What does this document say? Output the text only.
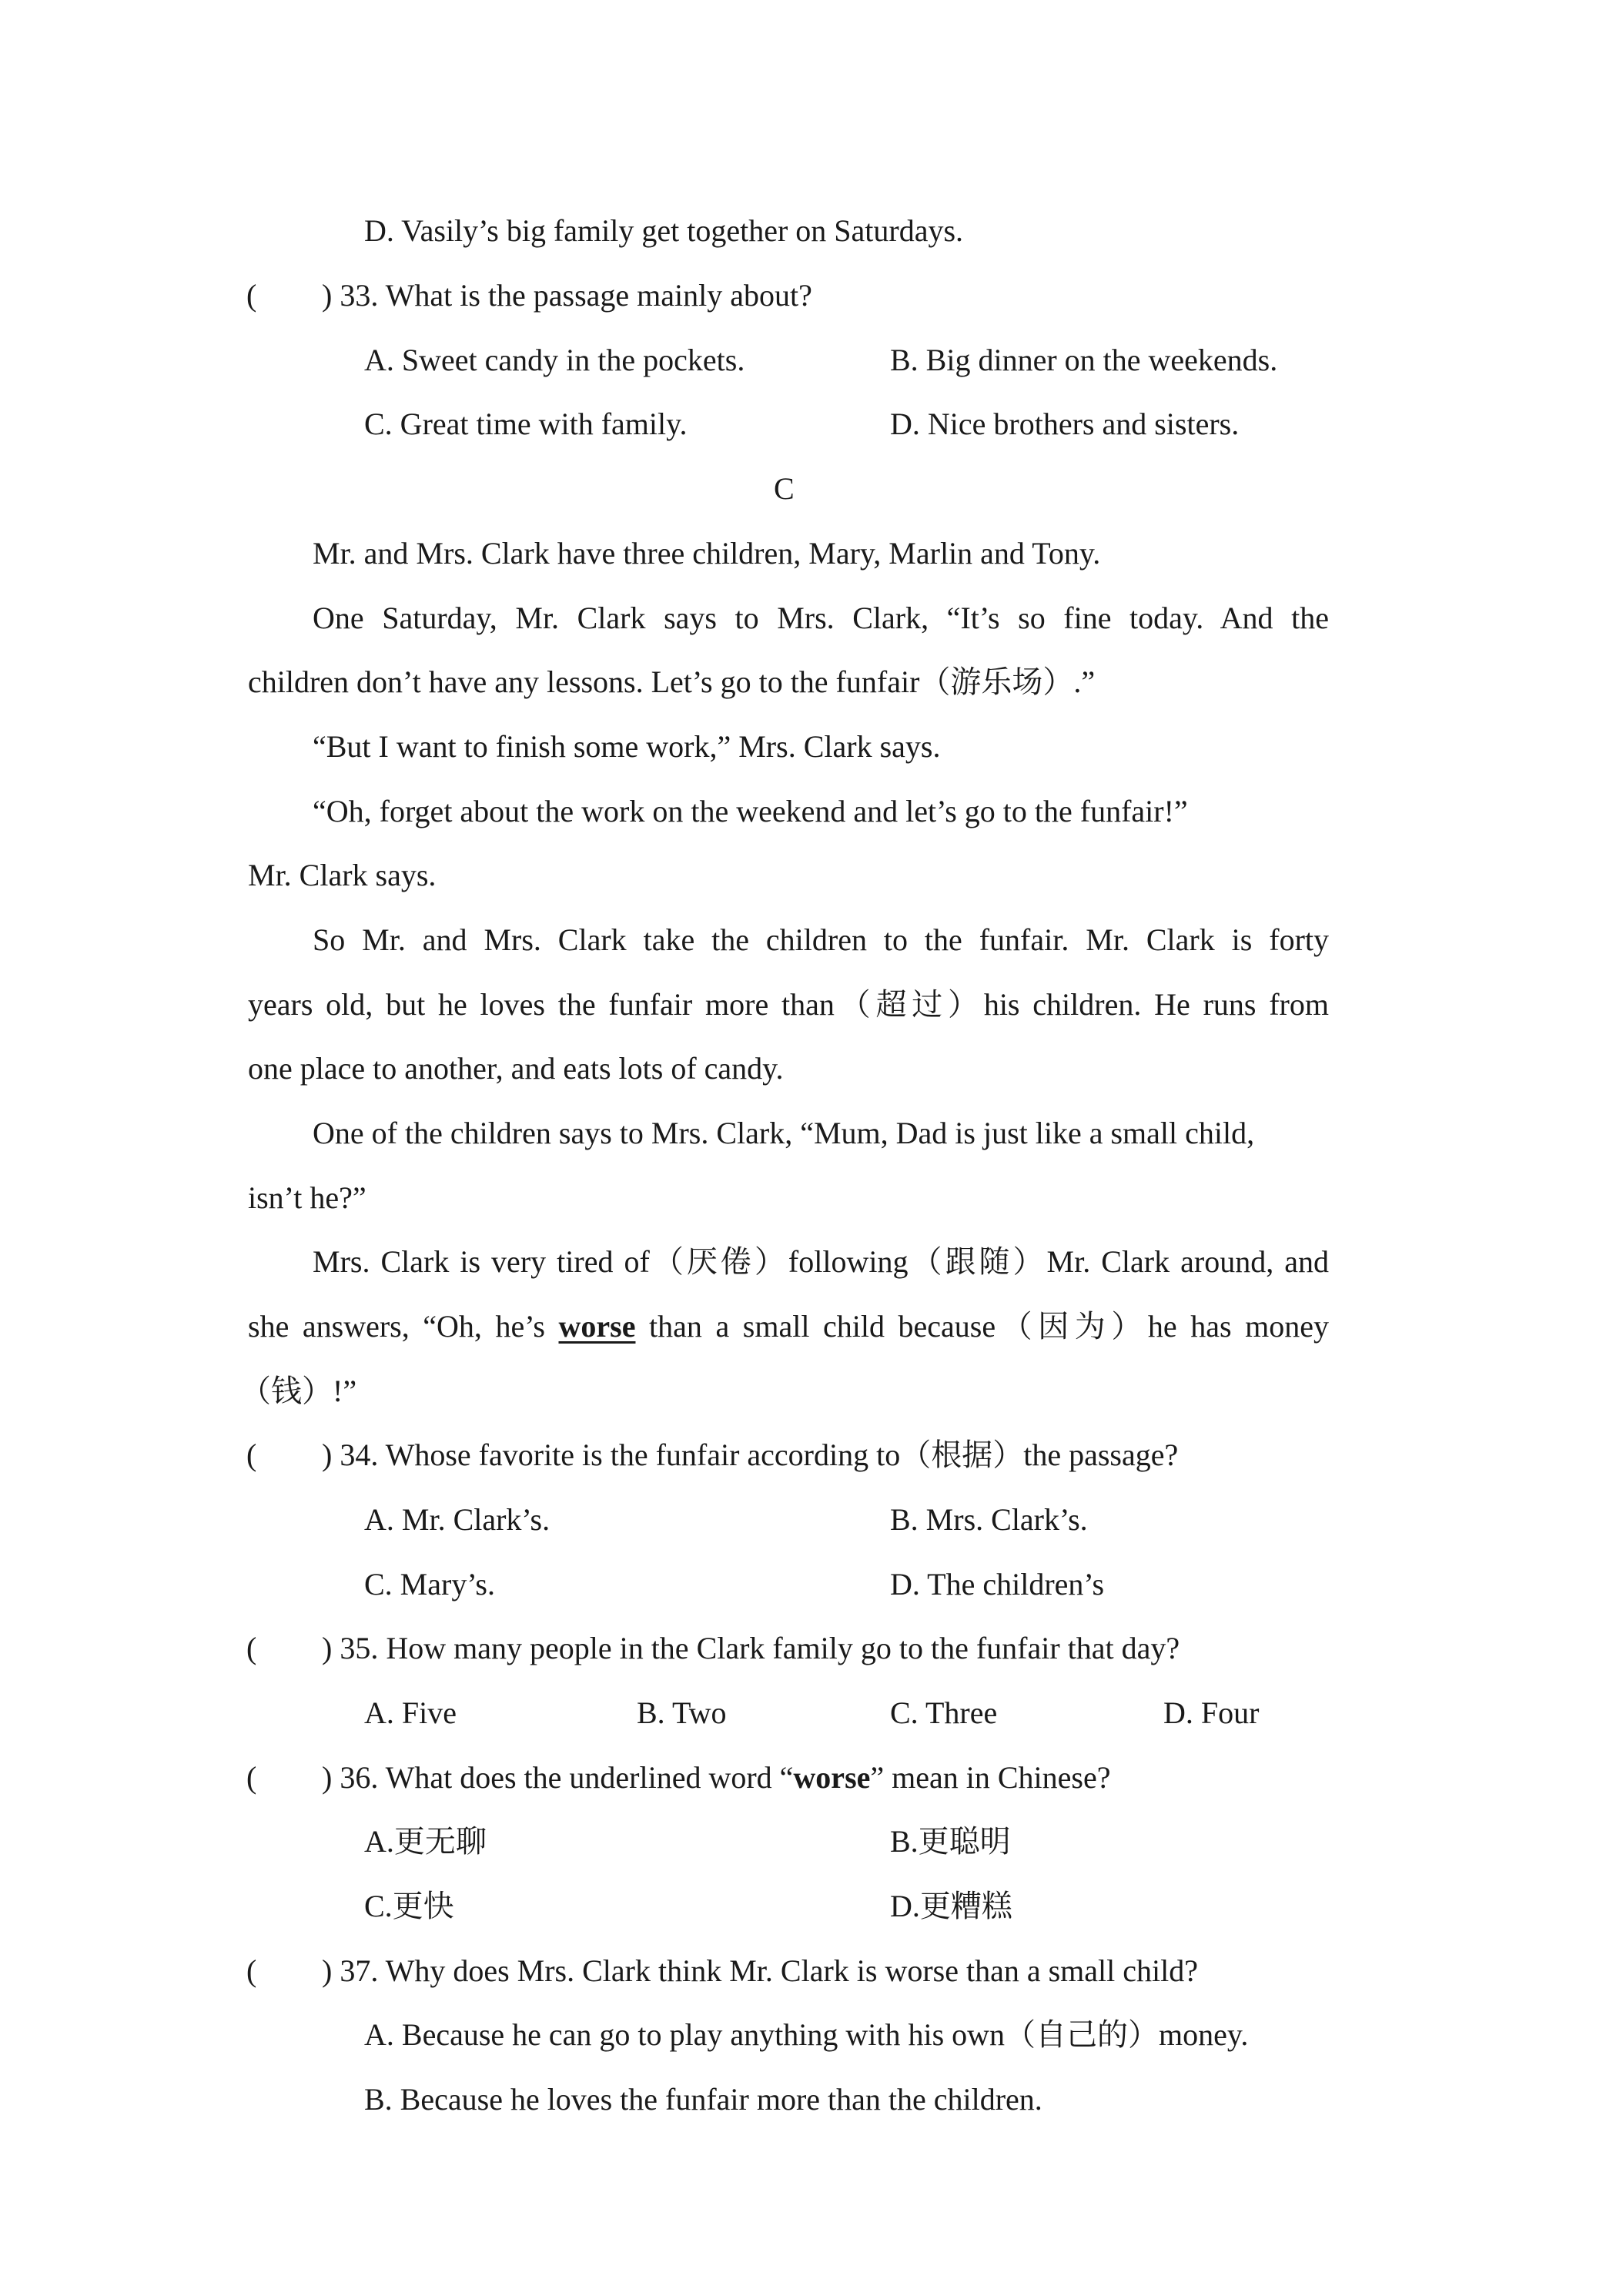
D. Vasily’s big family get together on Saturdays.
( ) 33. What is the passage mainly about?
A. Sweet candy in the pockets.	B. Big dinner on the weekends.
C. Great time with family.	D. Nice brothers and sisters.
C
Mr. and Mrs. Clark have three children, Mary, Marlin and Tony.
One Saturday, Mr. Clark says to Mrs. Clark, “It’s so fine today. And the
children don’t have any lessons. Let’s go to the funfair（游乐场）.”
“But I want to finish some work,” Mrs. Clark says.
“Oh, forget about the work on the weekend and let’s go to the funfair!”
Mr. Clark says.
So Mr. and Mrs. Clark take the children to the funfair. Mr. Clark is forty
years old, but he loves the funfair more than（超过）his children. He runs from
one place to another, and eats lots of candy.
One of the children says to Mrs. Clark, “Mum, Dad is just like a small child,
isn’t he?”
Mrs. Clark is very tired of（厌倦）following（跟随）Mr. Clark around, and
she answers, “Oh, he’s worse than a small child because（因为）he has money
（钱）!”
( ) 34. Whose favorite is the funfair according to（根据）the passage?
A. Mr. Clark’s.	B. Mrs. Clark’s.
C. Mary’s.	D. The children’s
( ) 35. How many people in the Clark family go to the funfair that day?
A. Five	B. Two	C. Three	D. Four
( ) 36. What does the underlined word “worse” mean in Chinese?
A.更无聊	B.更聪明
C.更快	D.更糟糕
( ) 37. Why does Mrs. Clark think Mr. Clark is worse than a small child?
A. Because he can go to play anything with his own（自己的）money.
B. Because he loves the funfair more than the children.
